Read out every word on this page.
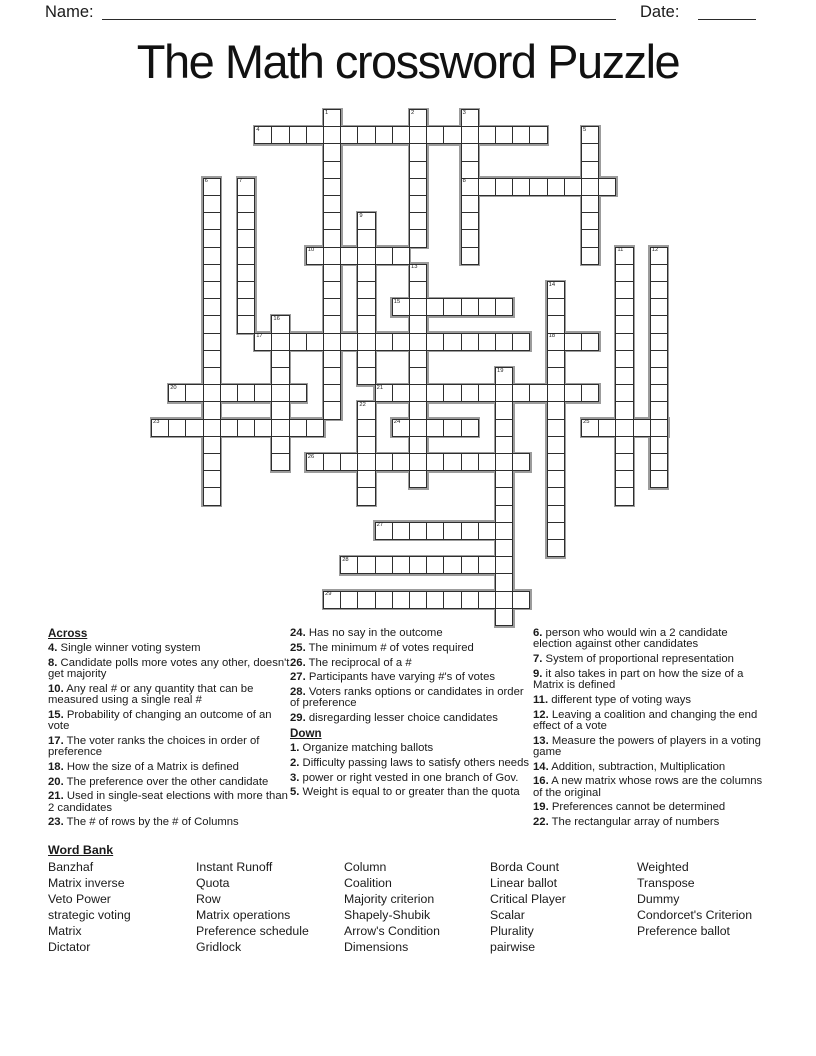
Name:	Date:
The Math crossword Puzzle
1	2	3
8
4	5
6	7
9
10	11	12
13
14
18
15
16
17
19
20	21
22
23	24	25
26
27
28
29
Across
4. Single winner voting system
8. Candidate polls more votes any other, doesn't get majority
10. Any real # or any quantity that can be measured using a single real #
15. Probability of changing an outcome of an vote
17. The voter ranks the choices in order of preference
18. How the size of a Matrix is defined
20. The preference over the other candidate
21. Used in single-seat elections with more than 2 candidates
23. The # of rows by the # of Columns
24. Has no say in the outcome
25. The minimum # of votes required
26. The reciprocal of a #
27. Participants have varying #'s of votes
28. Voters ranks options or candidates in order of preference
29. disregarding lesser choice candidates
Down
1. Organize matching ballots
2. Difficulty passing laws to satisfy others needs
3. power or right vested in one branch of Gov.
5. Weight is equal to or greater than the quota
6. person who would win a 2 candidate election against other candidates
7. System of proportional representation
9. it also takes in part on how the size of a Matrix is defined
11. different type of voting ways
12. Leaving a coalition and changing the end effect of a vote
13. Measure the powers of players in a voting game
14. Addition, subtraction, Multiplication
16. A new matrix whose rows are the columns of the original
19. Preferences cannot be determined
22. The rectangular array of numbers
Word Bank
Banzhaf
Matrix inverse
Veto Power
strategic voting
Matrix
Dictator
Instant Runoff
Quota
Row
Matrix operations
Preference schedule
Gridlock
Column
Coalition
Majority criterion
Shapely-Shubik
Arrow's Condition
Dimensions
Borda Count
Linear ballot
Critical Player
Scalar
Plurality
pairwise
Weighted
Transpose
Dummy
Condorcet's Criterion
Preference ballot
